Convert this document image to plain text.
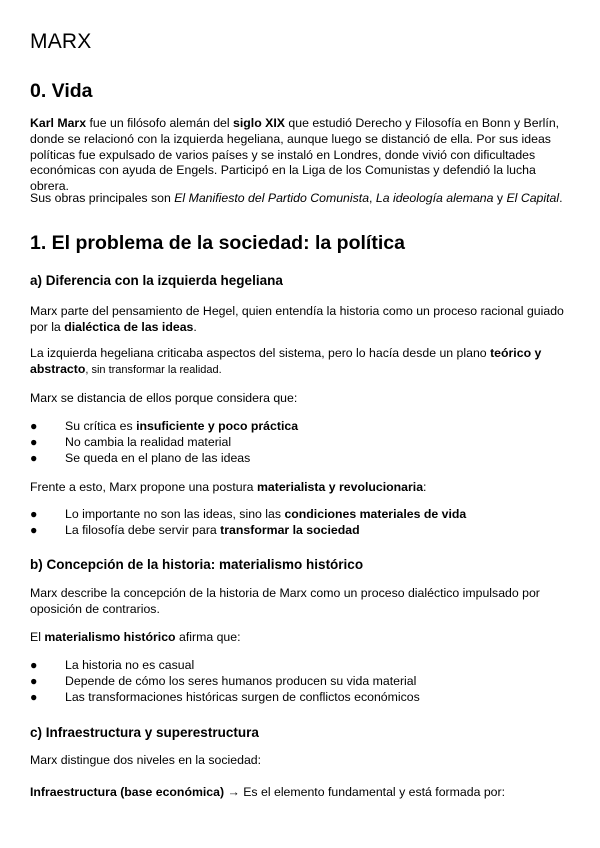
MARX
0. Vida

Karl Marx fue un filósofo alemán del siglo XIX que estudió Derecho y Filosofía en Bonn y Berlín, donde se relacionó con la izquierda hegeliana, aunque luego se distanció de ella. Por sus ideas políticas fue expulsado de varios países y se instaló en Londres, donde vivió con dificultades económicas con ayuda de Engels. Participó en la Liga de los Comunistas y defendió la lucha obrera.

Sus obras principales son El Manifiesto del Partido Comunista, La ideología alemana y El Capital.

1. El problema de la sociedad: la política
a) Diferencia con la izquierda hegeliana

Marx parte del pensamiento de Hegel, quien entendía la historia como un proceso racional guiado por la dialéctica de las ideas.

La izquierda hegeliana criticaba aspectos del sistema, pero lo hacía desde un plano teórico y abstracto, sin transformar la realidad.

Marx se distancia de ellos porque considera que:

● Su crítica es insuficiente y poco práctica
● No cambia la realidad material
● Se queda en el plano de las ideas

Frente a esto, Marx propone una postura materialista y revolucionaria:

● Lo importante no son las ideas, sino las condiciones materiales de vida
● La filosofía debe servir para transformar la sociedad
b) Concepción de la historia: materialismo histórico

Marx describe la concepción de la historia de Marx como un proceso dialéctico impulsado por oposición de contrarios.

El materialismo histórico afirma que:

● La historia no es casual
● Depende de cómo los seres humanos producen su vida material
● Las transformaciones históricas surgen de conflictos económicos
c) Infraestructura y superestructura

Marx distingue dos niveles en la sociedad:

Infraestructura (base económica) → Es el elemento fundamental y está formada por:
